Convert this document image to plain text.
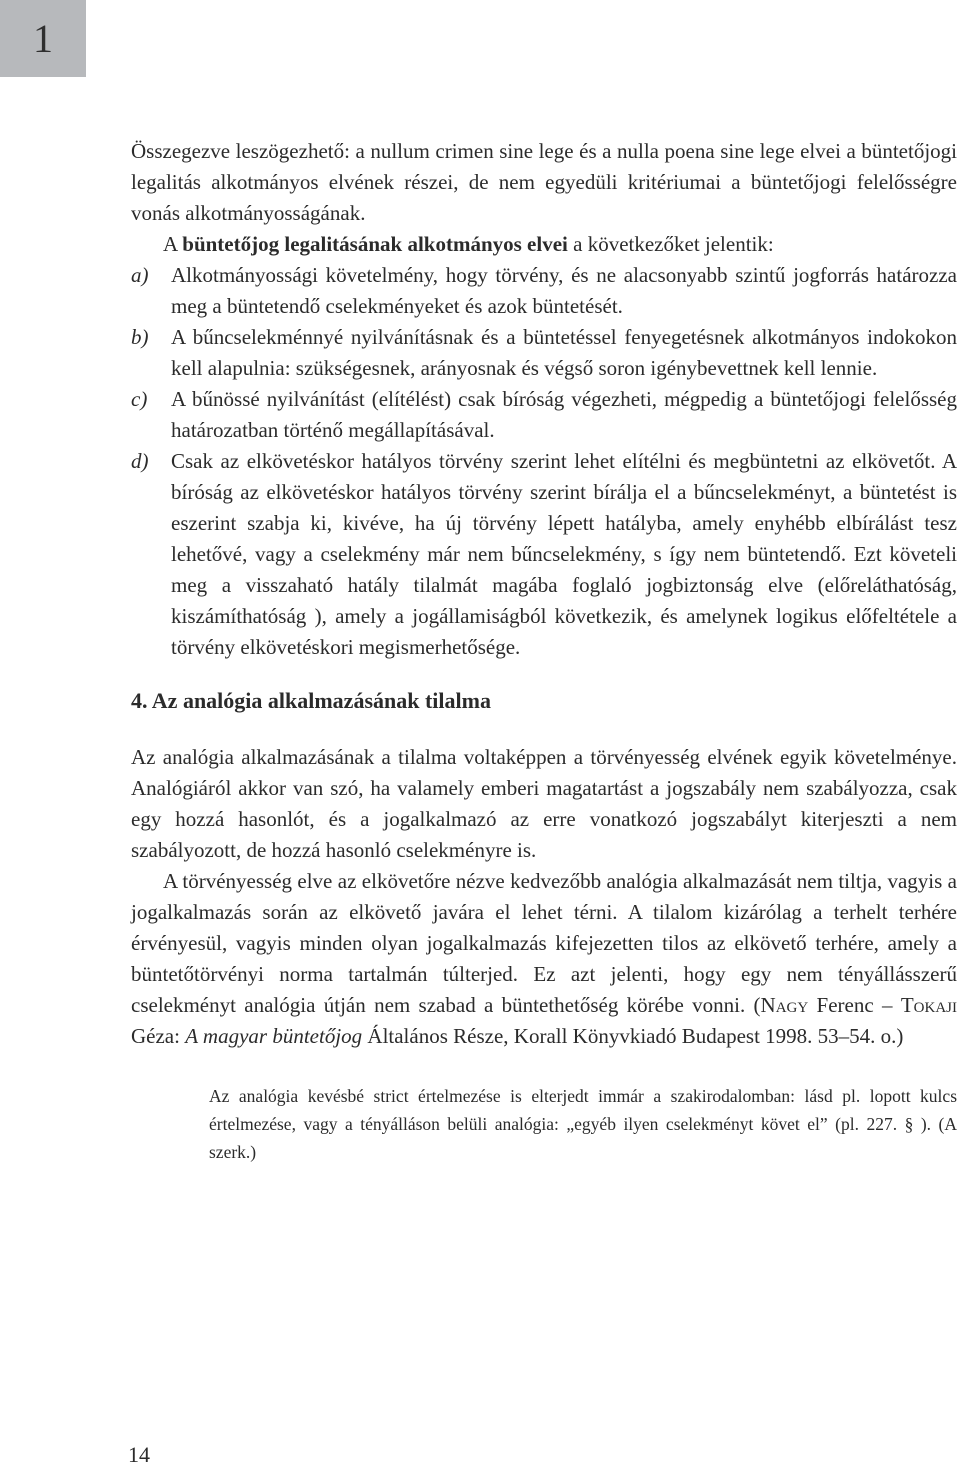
1

Összegezve leszögezhető: a nullum crimen sine lege és a nulla poena sine lege elvei a büntetőjogi legalitás alkotmányos elvének részei, de nem egyedüli kritériumai a büntetőjogi felelősségre vonás alkotmányosságának.

A büntetőjog legalitásának alkotmányos elvei a következőket jelentik:

a)	Alkotmányossági követelmény, hogy törvény, és ne alacsonyabb szintű jogforrás határozza meg a büntetendő cselekményeket és azok büntetését.
b)	A bűncselekménnyé nyilvánításnak és a büntetéssel fenyegetésnek alkotmányos indokokon kell alapulnia: szükségesnek, arányosnak és végső soron igénybevettnek kell lennie.
c)	A bűnössé nyilvánítást (elítélést) csak bíróság végezheti, mégpedig a büntetőjogi felelősség határozatban történő megállapításával.
d)	Csak az elkövetéskor hatályos törvény szerint lehet elítélni és megbüntetni az elkövetőt. A bíróság az elkövetéskor hatályos törvény szerint bírálja el a bűncselekményt, a büntetést is eszerint szabja ki, kivéve, ha új törvény lépett hatályba, amely enyhébb elbírálást tesz lehetővé, vagy a cselekmény már nem bűncselekmény, s így nem büntetendő. Ezt követeli meg a visszaható hatály tilalmát magába foglaló jogbiztonság elve (előreláthatóság, kiszámíthatóság ), amely a jogállamiságból következik, és amelynek logikus előfeltétele a törvény elkövetéskori megismerhetősége.
4. Az analógia alkalmazásának tilalma

Az analógia alkalmazásának a tilalma voltaképpen a törvényesség elvének egyik követelménye. Analógiáról akkor van szó, ha valamely emberi magatartást a jogszabály nem szabályozza, csak egy hozzá hasonlót, és a jogalkalmazó az erre vonatkozó jogszabályt kiterjeszti a nem szabályozott, de hozzá hasonló cselekményre is.

A törvényesség elve az elkövetőre nézve kedvezőbb analógia alkalmazását nem tiltja, vagyis a jogalkalmazás során az elkövető javára el lehet térni. A tilalom kizárólag a terhelt terhére érvényesül, vagyis minden olyan jogalkalmazás kifejezetten tilos az elkövető terhére, amely a büntetőtörvényi norma tartalmán túlterjed. Ez azt jelenti, hogy egy nem tényállásszerű cselekményt analógia útján nem szabad a büntethetőség körébe vonni. (Nagy Ferenc – Tokaji Géza: A magyar büntetőjog Általános Része, Korall Könyvkiadó Budapest 1998. 53–54. o.)

Az analógia kevésbé strict értelmezése is elterjedt immár a szakirodalomban: lásd pl. lopott kulcs értelmezése, vagy a tényálláson belüli analógia: „egyéb ilyen cselekményt követ el” (pl. 227. § ). (A szerk.)

14
